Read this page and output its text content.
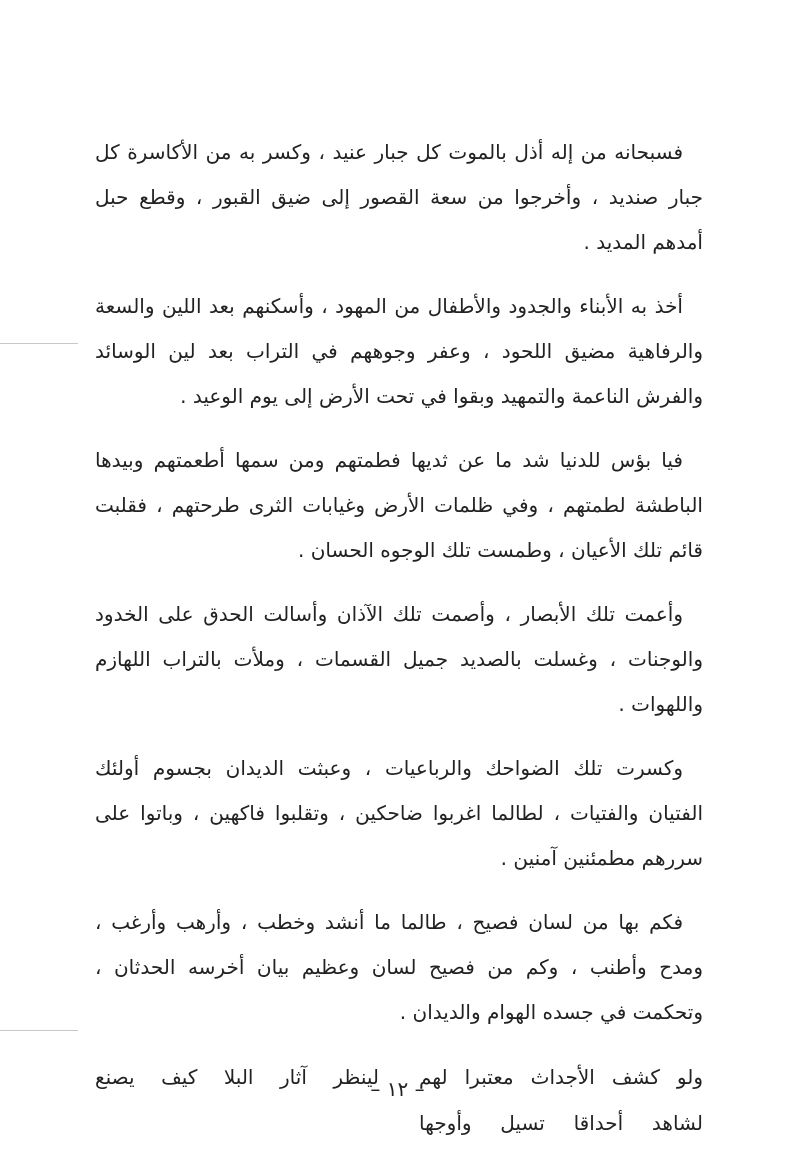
فسبحانه من إله أذل بالموت كل جبار عنيد ، وكسر به من الأكاسرة كل جبار صنديد ، وأخرجوا من سعة القصور إلى ضيق القبور ، وقطع حبل أمدهم المديد .

أخذ به الأبناء والجدود والأطفال من المهود ، وأسكنهم بعد اللين والسعة والرفاهية مضيق اللحود ، وعفر وجوههم في التراب بعد لين الوسائد والفرش الناعمة والتمهيد وبقوا في تحت الأرض إلى يوم الوعيد .

فيا بؤس للدنيا شد ما عن ثديها فطمتهم ومن سمها أطعمتهم وبيدها الباطشة لطمتهم ، وفي ظلمات الأرض وغيابات الثرى طرحتهم ، فقلبت قائم تلك الأعيان ، وطمست تلك الوجوه الحسان .

وأعمت تلك الأبصار ، وأصمت تلك الآذان وأسالت الحدق على الخدود والوجنات ، وغسلت بالصديد جميل القسمات ، وملأت بالتراب اللهازم واللهوات .

وكسرت تلك الضواحك والرباعيات ، وعبثت الديدان بجسوم أولئك الفتيان والفتيات ، لطالما اغربوا ضاحكين ، وتقلبوا فاكهين ، وباتوا على سررهم مطمئنين آمنين .

فكم بها من لسان فصيح ، طالما ما أنشد وخطب ، وأرهب وأرغب ، ومدح وأطنب ، وكم من فصيح لسان وعظيم بيان أخرسه الحدثان ، وتحكمت في جسده الهوام والديدان .

ولو كشف الأجداث معتبرا لهم
لينظر آثار البلا كيف يصنع
لشاهد أحداقا تسيل وأوجها
– ١٢ –
